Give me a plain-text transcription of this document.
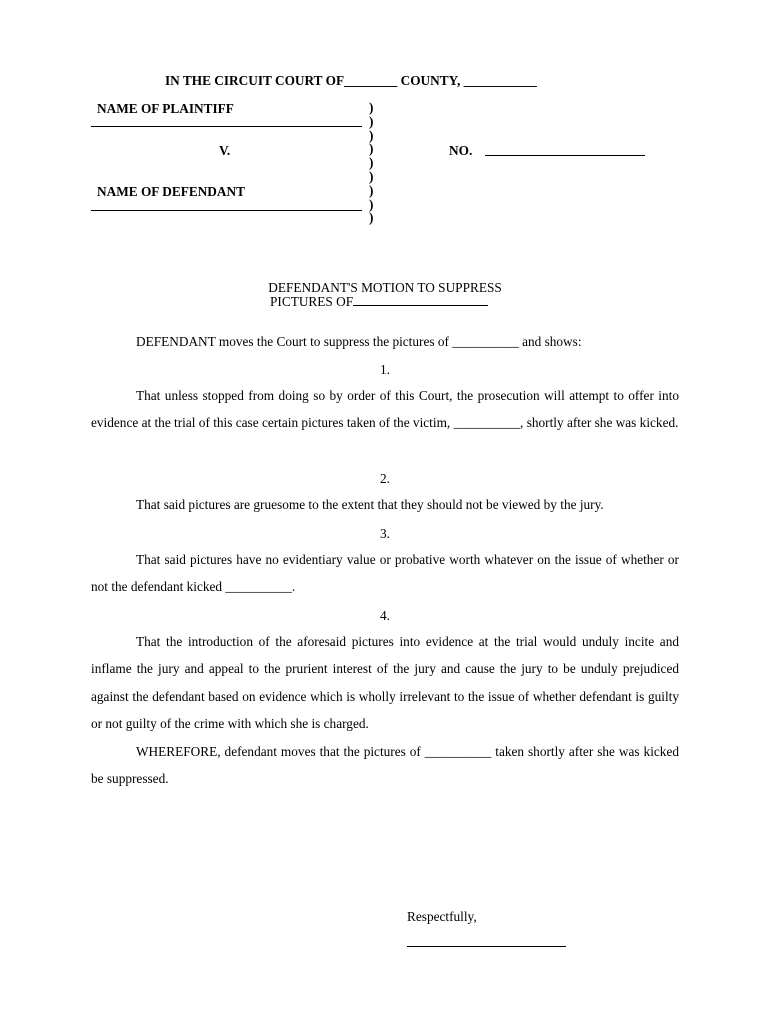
IN THE CIRCUIT COURT OF________ COUNTY, ___________
NAME OF PLAINTIFF
V.
NAME OF DEFENDANT
)
)
)
)
)
)
)
)
)
NO.
DEFENDANT'S MOTION TO SUPPRESS
PICTURES OF
DEFENDANT moves the Court to suppress the pictures of __________ and shows:
1.
That unless stopped from doing so by order of this Court, the prosecution will attempt to offer into evidence at the trial of this case certain pictures taken of the victim, __________, shortly after she was kicked.
2.
That said pictures are gruesome to the extent that they should not be viewed by the jury.
3.
That said pictures have no evidentiary value or probative worth whatever on the issue of whether or not the defendant kicked __________.
4.
That the introduction of the aforesaid pictures into evidence at the trial would unduly incite and inflame the jury and appeal to the prurient interest of the jury and cause the jury to be unduly prejudiced against the defendant based on evidence which is wholly irrelevant to the issue of whether defendant is guilty or not guilty of the crime with which she is charged.
WHEREFORE, defendant moves that the pictures of __________ taken shortly after she was kicked be suppressed.
Respectfully,
